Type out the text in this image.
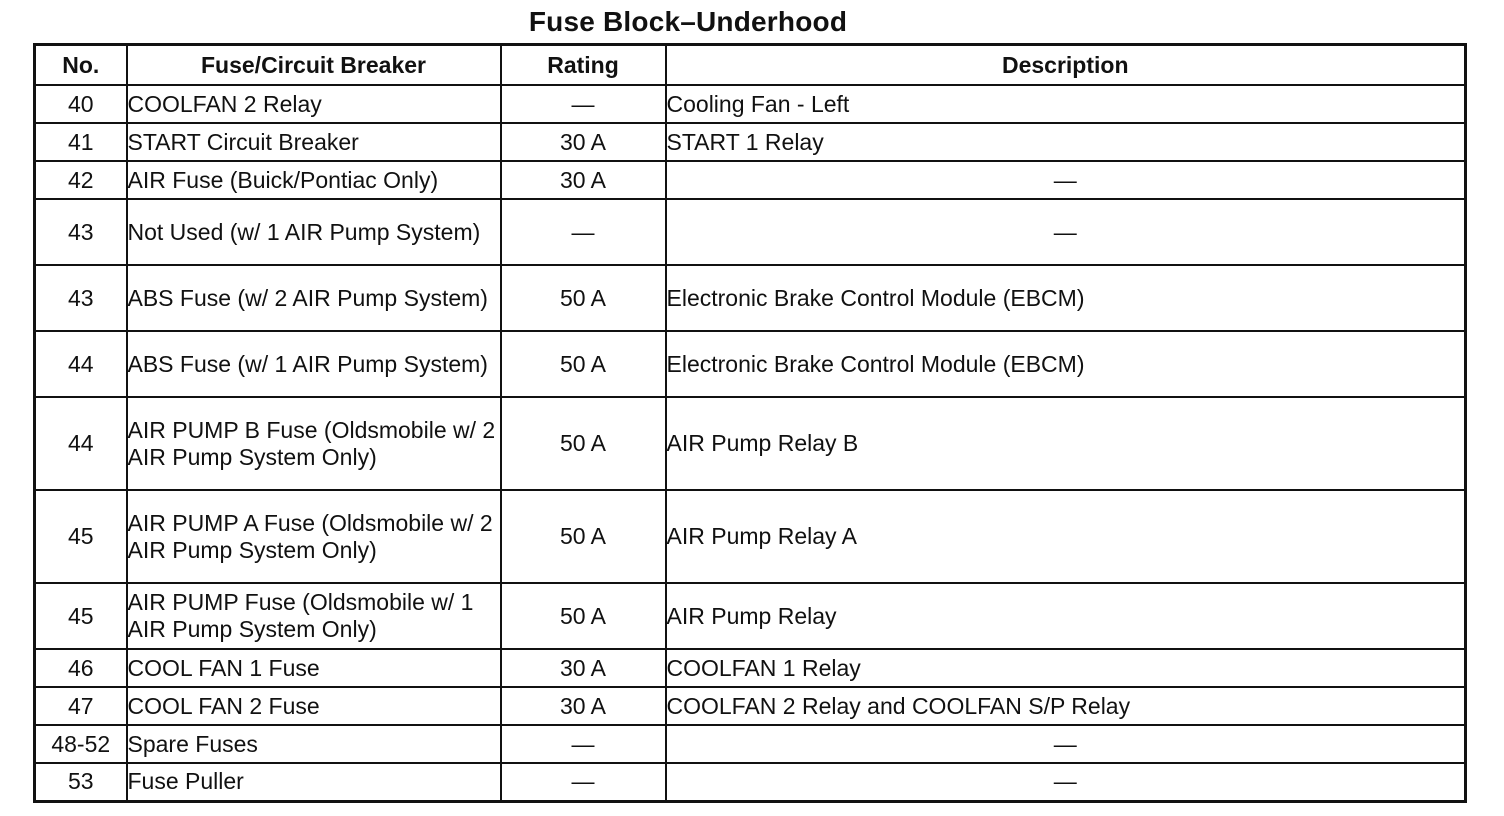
Fuse Block–Underhood
No.	Fuse/Circuit Breaker	Rating	Description
40	COOLFAN 2 Relay	—	Cooling Fan - Left
41	START Circuit Breaker	30 A	START 1 Relay
42	AIR Fuse (Buick/Pontiac Only)	30 A	—
43	Not Used (w/ 1 AIR Pump System)	—	—
43	ABS Fuse (w/ 2 AIR Pump System)	50 A	Electronic Brake Control Module (EBCM)
44	ABS Fuse (w/ 1 AIR Pump System)	50 A	Electronic Brake Control Module (EBCM)
44	AIR PUMP B Fuse (Oldsmobile w/ 2 AIR Pump System Only)	50 A	AIR Pump Relay B
45	AIR PUMP A Fuse (Oldsmobile w/ 2 AIR Pump System Only)	50 A	AIR Pump Relay A
45	AIR PUMP Fuse (Oldsmobile w/ 1 AIR Pump System Only)	50 A	AIR Pump Relay
46	COOL FAN 1 Fuse	30 A	COOLFAN 1 Relay
47	COOL FAN 2 Fuse	30 A	COOLFAN 2 Relay and COOLFAN S/P Relay
48-52	Spare Fuses	—	—
53	Fuse Puller	—	—
